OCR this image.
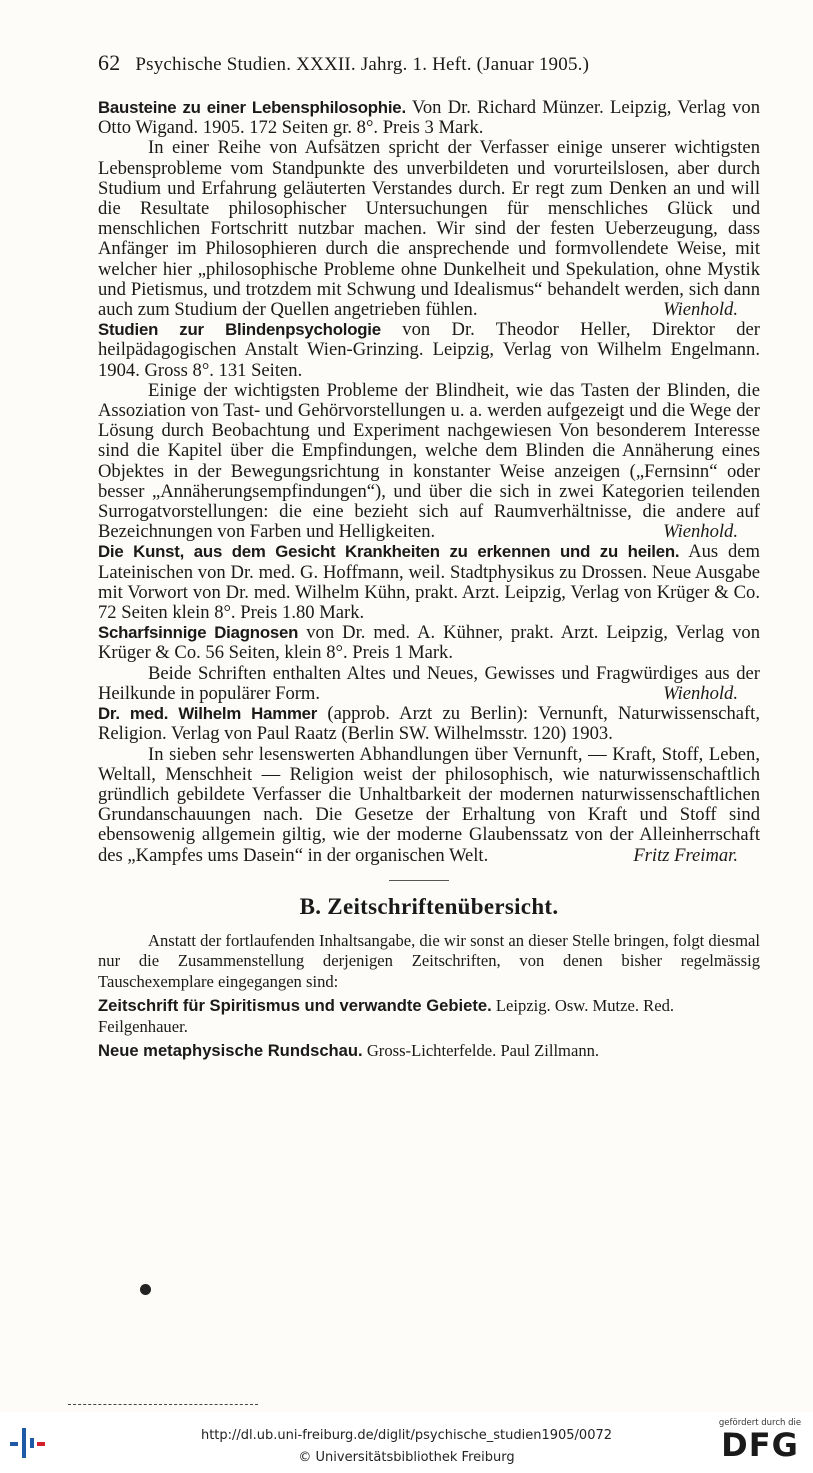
62 Psychische Studien. XXXII. Jahrg. 1. Heft. (Januar 1905.)
Bausteine zu einer Lebensphilosophie. Von Dr. Richard Münzer. Leipzig, Verlag von Otto Wigand. 1905. 172 Seiten gr. 8°. Preis 3 Mark.

In einer Reihe von Aufsätzen spricht der Verfasser einige unserer wichtigsten Lebensprobleme vom Standpunkte des unverbildeten und vorurteilslosen, aber durch Studium und Erfahrung geläuterten Verstandes durch. Er regt zum Denken an und will die Resultate philosophischer Untersuchungen für menschliches Glück und menschlichen Fortschritt nutzbar machen. Wir sind der festen Ueberzeugung, dass Anfänger im Philosophieren durch die ansprechende und formvollendete Weise, mit welcher hier „philosophische Probleme ohne Dunkelheit und Spekulation, ohne Mystik und Pietismus, und trotzdem mit Schwung und Idealismus“ behandelt werden, sich dann auch zum Studium der Quellen angetrieben fühlen.	Wienhold.

Studien zur Blindenpsychologie von Dr. Theodor Heller, Direktor der heilpädagogischen Anstalt Wien-Grinzing. Leipzig, Verlag von Wilhelm Engelmann. 1904. Gross 8°. 131 Seiten.

Einige der wichtigsten Probleme der Blindheit, wie das Tasten der Blinden, die Assoziation von Tast- und Gehörvorstellungen u. a. werden aufgezeigt und die Wege der Lösung durch Beobachtung und Experiment nachgewiesen Von besonderem Interesse sind die Kapitel über die Empfindungen, welche dem Blinden die Annäherung eines Objektes in der Bewegungsrichtung in konstanter Weise anzeigen („Fernsinn“ oder besser „Annäherungsempfindungen“), und über die sich in zwei Kategorien teilenden Surrogatvorstellungen: die eine bezieht sich auf Raumverhältnisse, die andere auf Bezeichnungen von Farben und Helligkeiten.	Wienhold.

Die Kunst, aus dem Gesicht Krankheiten zu erkennen und zu heilen. Aus dem Lateinischen von Dr. med. G. Hoffmann, weil. Stadtphysikus zu Drossen. Neue Ausgabe mit Vorwort von Dr. med. Wilhelm Kühn, prakt. Arzt. Leipzig, Verlag von Krüger & Co. 72 Seiten klein 8°. Preis 1.80 Mark.
Scharfsinnige Diagnosen von Dr. med. A. Kühner, prakt. Arzt. Leipzig, Verlag von Krüger & Co. 56 Seiten, klein 8°. Preis 1 Mark.

Beide Schriften enthalten Altes und Neues, Gewisses und Fragwürdiges aus der Heilkunde in populärer Form.	Wienhold.

Dr. med. Wilhelm Hammer (approb. Arzt zu Berlin): Vernunft, Naturwissenschaft, Religion. Verlag von Paul Raatz (Berlin SW. Wilhelmsstr. 120) 1903.

In sieben sehr lesenswerten Abhandlungen über Vernunft, — Kraft, Stoff, Leben, Weltall, Menschheit — Religion weist der philosophisch, wie naturwissenschaftlich gründlich gebildete Verfasser die Unhaltbarkeit der modernen naturwissenschaftlichen Grundanschauungen nach. Die Gesetze der Erhaltung von Kraft und Stoff sind ebensowenig allgemein giltig, wie der moderne Glaubenssatz von der Alleinherrschaft des „Kampfes ums Dasein“ in der organischen Welt.	Fritz Freimar.

B. Zeitschriftenübersicht.

Anstatt der fortlaufenden Inhaltsangabe, die wir sonst an dieser Stelle bringen, folgt diesmal nur die Zusammenstellung derjenigen Zeitschriften, von denen bisher regelmässig Tauschexemplare eingegangen sind:

Zeitschrift für Spiritismus und verwandte Gebiete. Leipzig. Osw. Mutze. Red. Feilgenhauer.
Neue metaphysische Rundschau. Gross-Lichterfelde. Paul Zillmann.
http://dl.ub.uni-freiburg.de/diglit/psychische_studien1905/0072
© Universitätsbibliothek Freiburg
gefördert durch die
DFG
